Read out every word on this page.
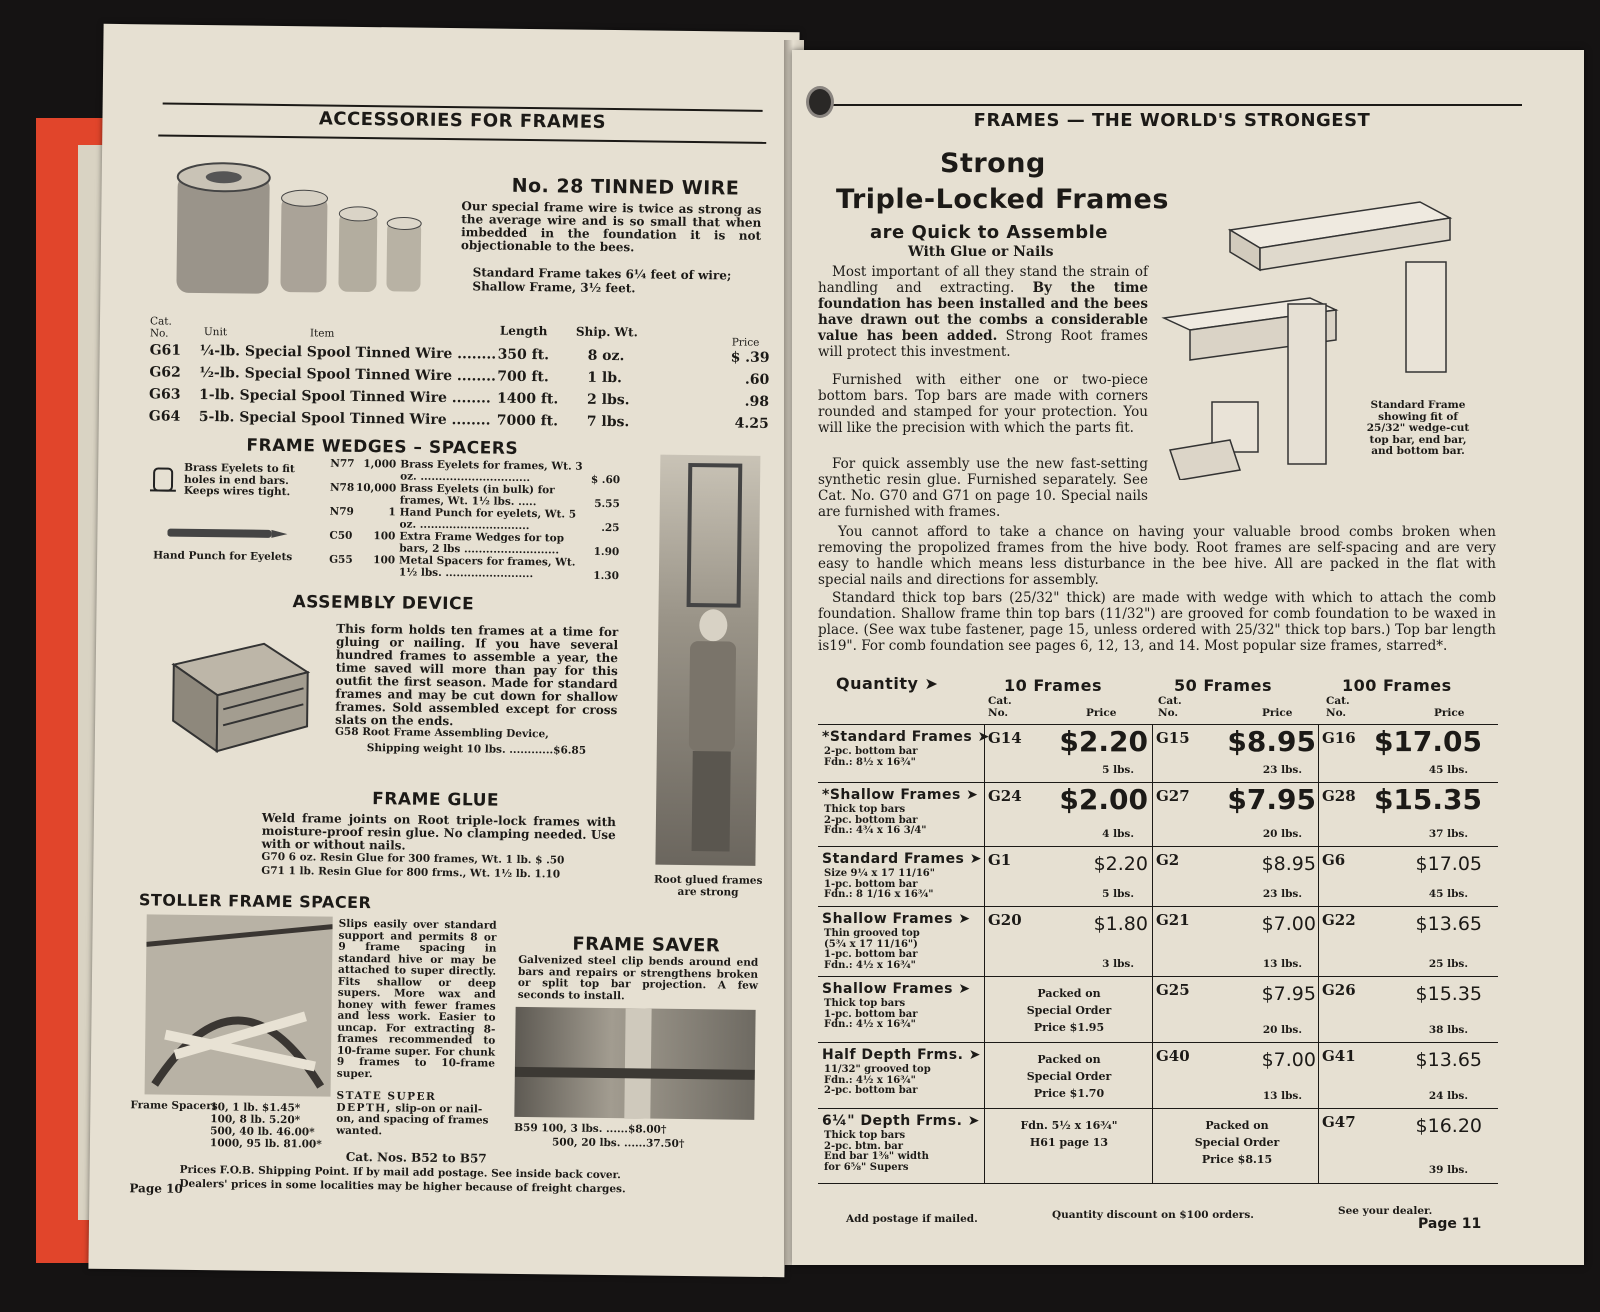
ACCESSORIES FOR FRAMES
No. 28 TINNED WIRE
Our special frame wire is twice as strong as the average wire and is so small that when imbedded in the foundation it is not objectionable to the bees.
Standard Frame takes 6¼ feet of wire;
Shallow Frame, 3½ feet.
Cat. No.	Unit	Item	Length Ship. Wt.
Price
G61	¼-lb. Special Spool Tinned Wire ........ 350 ft.	8 oz.	$ .39
G62	½-lb. Special Spool Tinned Wire ........ 700 ft.	1 lb.	.60
G63	1-lb. Special Spool Tinned Wire ........ 1400 ft.	2 lbs.	.98
G64	5-lb. Special Spool Tinned Wire ........ 7000 ft.	7 lbs.	4.25
FRAME WEDGES – SPACERS
Brass Eyelets to fit holes in end bars. Keeps wires tight.
Hand Punch for Eyelets
N77 1,000 Brass Eyelets for frames, Wt. 3 oz. ..............................	$ .60
N78 10,000 Brass Eyelets (in bulk) for frames, Wt. 1½ lbs. .....	5.55
N79	1 Hand Punch for eyelets, Wt. 5 oz. ..............................	.25
C50	100 Extra Frame Wedges for top bars, 2 lbs ..........................	1.90
G55	100 Metal Spacers for frames, Wt. 1½ lbs. ........................	1.30
Root glued frames are strong
ASSEMBLY DEVICE
This form holds ten frames at a time for gluing or nailing. If you have several hundred frames to assemble a year, the time saved will more than pay for this outfit the first season. Made for standard frames and may be cut down for shallow frames. Sold assembled except for cross slats on the ends.
G58 Root Frame Assembling Device,
Shipping weight 10 lbs. ............$6.85
FRAME GLUE
Weld frame joints on Root triple-lock frames with moisture-proof resin glue. No clamping needed. Use with or without nails.
G70 6 oz. Resin Glue for 300 frames, Wt. 1 lb. $ .50
G71 1 lb. Resin Glue for 800 frms., Wt. 1½ lb. 1.10
STOLLER FRAME SPACER
Slips easily over standard support and permits 8 or 9 frame spacing in standard hive or may be attached to super directly. Fits shallow or deep supers. More wax and honey with fewer frames and less work. Easier to uncap. For extracting 8-frames recommended to 10-frame super. For chunk 9 frames to 10-frame super.
STATE SUPER DEPTH, slip-on or nail-on, and spacing of frames wanted.
Frame Spacers
10, 1 lb. $1.45*
100, 8 lb. 5.20*
500, 40 lb. 46.00*
1000, 95 lb. 81.00*
Cat. Nos. B52 to B57
FRAME SAVER
Galvenized steel clip bends around end bars and repairs or strengthens broken or split top bar projection. A few seconds to install.
B59 100, 3 lbs. ......$8.00†
500, 20 lbs. ......37.50†
Prices F.O.B. Shipping Point. If by mail add postage. See inside back cover.
Dealers' prices in some localities may be higher because of freight charges.
Page 10
FRAMES — THE WORLD'S STRONGEST
Strong
Triple-Locked Frames
are Quick to Assemble
With Glue or Nails
Most important of all they stand the strain of handling and extracting. By the time foundation has been installed and the bees have drawn out the combs a considerable value has been added. Strong Root frames will protect this investment.
Furnished with either one or two-piece bottom bars. Top bars are made with corners rounded and stamped for your protection. You will like the precision with which the parts fit.
For quick assembly use the new fast-setting synthetic resin glue. Furnished separately. See Cat. No. G70 and G71 on page 10. Special nails are furnished with frames.
You cannot afford to take a chance on having your valuable brood combs broken when removing the propolized frames from the hive body. Root frames are self-spacing and are very easy to handle which means less disturbance in the bee hive. All are packed in the flat with special nails and directions for assembly.
Standard thick top bars (25/32" thick) are made with wedge with which to attach the comb foundation. Shallow frame thin top bars (11/32") are grooved for comb foundation to be waxed in place. (See wax tube fastener, page 15, unless ordered with 25/32" thick top bars.) Top bar length is19". For comb foundation see pages 6, 12, 13, and 14. Most popular size frames, starred*.
Standard Frame showing fit of 25/32" wedge-cut top bar, end bar, and bottom bar.
Quantity ➤	10 Frames	50 Frames	100 Frames
Cat. No.	Price
Cat. No.	Price
Cat. No.	Price
*Standard Frames ➤
2-pc. bottom bar
Fdn.: 8½ x 16¾"
G14	$2.20
5 lbs.
G15	$8.95
23 lbs.
G16 $17.05
45 lbs.
*Shallow Frames ➤
Thick top bars
2-pc. bottom bar
Fdn.: 4¾ x 16 3/4"
G24	$2.00
4 lbs.
G27	$7.95
20 lbs.
G28 $15.35
37 lbs.
Standard Frames ➤
Size 9¼ x 17 11/16"
1-pc. bottom bar
Fdn.: 8 1/16 x 16¾"
G1	$2.20
5 lbs.
G2	$8.95
23 lbs.
G6	$17.05
45 lbs.
Shallow Frames ➤
Thin grooved top
(5¾ x 17 11/16")
1-pc. bottom bar
Fdn.: 4½ x 16¾"
G20	$1.80
3 lbs.
G21	$7.00
13 lbs.
G22	$13.65
25 lbs.
Shallow Frames ➤
Thick top bars
1-pc. bottom bar
Fdn.: 4½ x 16¾"
Packed on
Special Order
Price $1.95
G25	$7.95
20 lbs.
G26	$15.35
38 lbs.
Half Depth Frms. ➤
11/32" grooved top
Fdn.: 4½ x 16¾"
2-pc. bottom bar
Packed on
Special Order
Price $1.70
G40	$7.00
13 lbs.
G41	$13.65
24 lbs.
6¼" Depth Frms. ➤
Thick top bars
2-pc. btm. bar
End bar 1⅜" width
for 6⅝" Supers
Fdn. 5½ x 16¾"
H61 page 13
Packed on
Special Order
Price $8.15
G47	$16.20
39 lbs.
Add postage if mailed.	Quantity discount on $100 orders.	See your dealer.
Page 11
